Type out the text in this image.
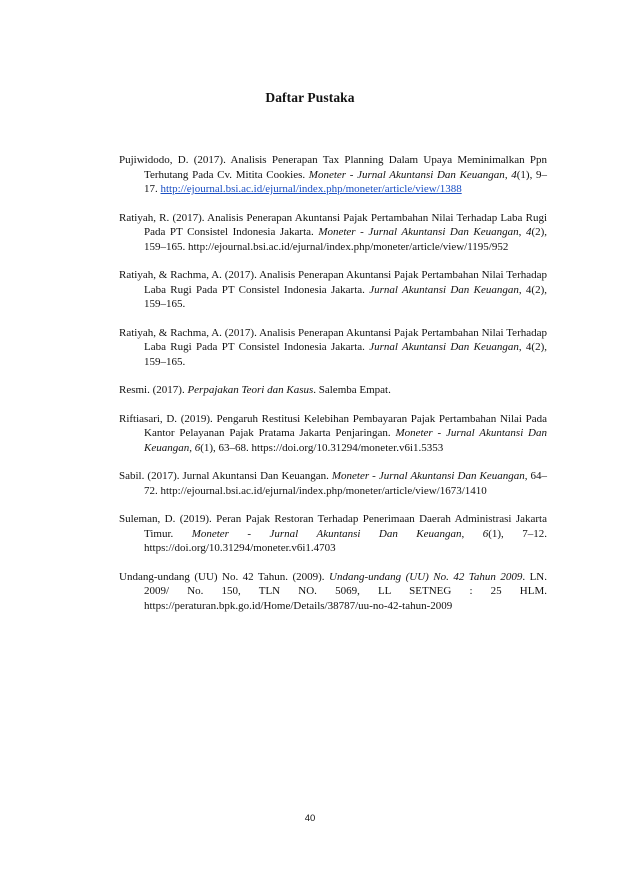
Daftar Pustaka

Pujiwidodo, D. (2017). Analisis Penerapan Tax Planning Dalam Upaya Meminimalkan Ppn Terhutang Pada Cv. Mitita Cookies. Moneter - Jurnal Akuntansi Dan Keuangan, 4(1), 9–17. http://ejournal.bsi.ac.id/ejurnal/index.php/moneter/article/view/1388

Ratiyah, R. (2017). Analisis Penerapan Akuntansi Pajak Pertambahan Nilai Terhadap Laba Rugi Pada PT Consistel Indonesia Jakarta. Moneter - Jurnal Akuntansi Dan Keuangan, 4(2), 159–165. http://ejournal.bsi.ac.id/ejurnal/index.php/moneter/article/view/1195/952

Ratiyah, & Rachma, A. (2017). Analisis Penerapan Akuntansi Pajak Pertambahan Nilai Terhadap Laba Rugi Pada PT Consistel Indonesia Jakarta. Jurnal Akuntansi Dan Keuangan, 4(2), 159–165.

Ratiyah, & Rachma, A. (2017). Analisis Penerapan Akuntansi Pajak Pertambahan Nilai Terhadap Laba Rugi Pada PT Consistel Indonesia Jakarta. Jurnal Akuntansi Dan Keuangan, 4(2), 159–165.

Resmi. (2017). Perpajakan Teori dan Kasus. Salemba Empat.

Riftiasari, D. (2019). Pengaruh Restitusi Kelebihan Pembayaran Pajak Pertambahan Nilai Pada Kantor Pelayanan Pajak Pratama Jakarta Penjaringan. Moneter - Jurnal Akuntansi Dan Keuangan, 6(1), 63–68. https://doi.org/10.31294/moneter.v6i1.5353

Sabil. (2017). Jurnal Akuntansi Dan Keuangan. Moneter - Jurnal Akuntansi Dan Keuangan, 64–72. http://ejournal.bsi.ac.id/ejurnal/index.php/moneter/article/view/1673/1410

Suleman, D. (2019). Peran Pajak Restoran Terhadap Penerimaan Daerah Administrasi Jakarta Timur. Moneter - Jurnal Akuntansi Dan Keuangan, 6(1), 7–12. https://doi.org/10.31294/moneter.v6i1.4703

Undang-undang (UU) No. 42 Tahun. (2009). Undang-undang (UU) No. 42 Tahun 2009. LN. 2009/ No. 150, TLN NO. 5069, LL SETNEG : 25 HLM. https://peraturan.bpk.go.id/Home/Details/38787/uu-no-42-tahun-2009

40
